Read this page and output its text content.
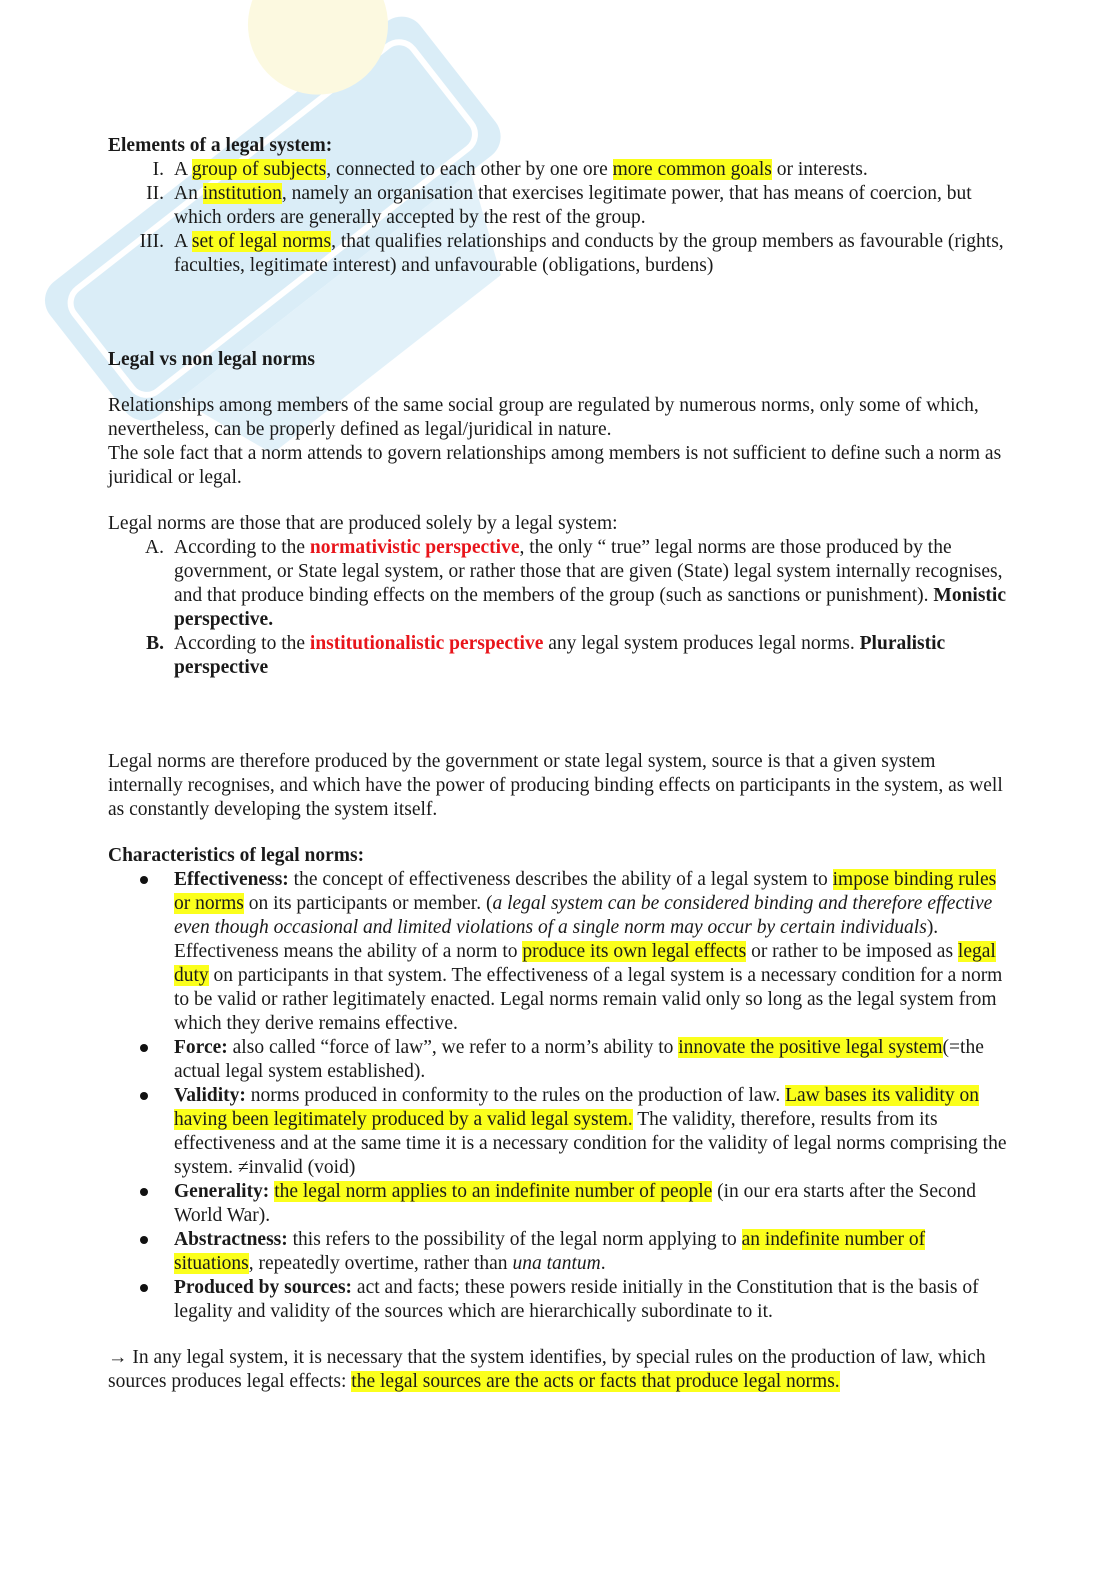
Elements of a legal system:
I. A group of subjects, connected to each other by one ore more common goals or interests.
II. An institution, namely an organisation that exercises legitimate power, that has means of coercion, but which orders are generally accepted by the rest of the group.
III. A set of legal norms, that qualifies relationships and conducts by the group members as favourable (rights, faculties, legitimate interest) and unfavourable (obligations, burdens)
Legal vs non legal norms

Relationships among members of the same social group are regulated by numerous norms, only some of which, nevertheless, can be properly defined as legal/juridical in nature.

The sole fact that a norm attends to govern relationships among members is not sufficient to define such a norm as juridical or legal.

Legal norms are those that are produced solely by a legal system:

A. According to the normativistic perspective, the only “ true” legal norms are those produced by the government, or State legal system, or rather those that are given (State) legal system internally recognises, and that produce binding effects on the members of the group (such as sanctions or punishment). Monistic perspective.
B. According to the institutionalistic perspective any legal system produces legal norms. Pluralistic perspective

Legal norms are therefore produced by the government or state legal system, source is that a given system internally recognises, and which have the power of producing binding effects on participants in the system, as well as constantly developing the system itself.

Characteristics of legal norms:
Effectiveness: the concept of effectiveness describes the ability of a legal system to impose binding rules or norms on its participants or member. (a legal system can be considered binding and therefore effective even though occasional and limited violations of a single norm may occur by certain individuals). Effectiveness means the ability of a norm to produce its own legal effects or rather to be imposed as legal duty on participants in that system. The effectiveness of a legal system is a necessary condition for a norm to be valid or rather legitimately enacted. Legal norms remain valid only so long as the legal system from which they derive remains effective.
Force: also called “force of law”, we refer to a norm’s ability to innovate the positive legal system(=the actual legal system established).
Validity: norms produced in conformity to the rules on the production of law. Law bases its validity on having been legitimately produced by a valid legal system. The validity, therefore, results from its effectiveness and at the same time it is a necessary condition for the validity of legal norms comprising the system. ≠invalid (void)
Generality: the legal norm applies to an indefinite number of people (in our era starts after the Second World War).
Abstractness: this refers to the possibility of the legal norm applying to an indefinite number of situations, repeatedly overtime, rather than una tantum.
Produced by sources: act and facts; these powers reside initially in the Constitution that is the basis of legality and validity of the sources which are hierarchically subordinate to it.

→ In any legal system, it is necessary that the system identifies, by special rules on the production of law, which sources produces legal effects: the legal sources are the acts or facts that produce legal norms.
